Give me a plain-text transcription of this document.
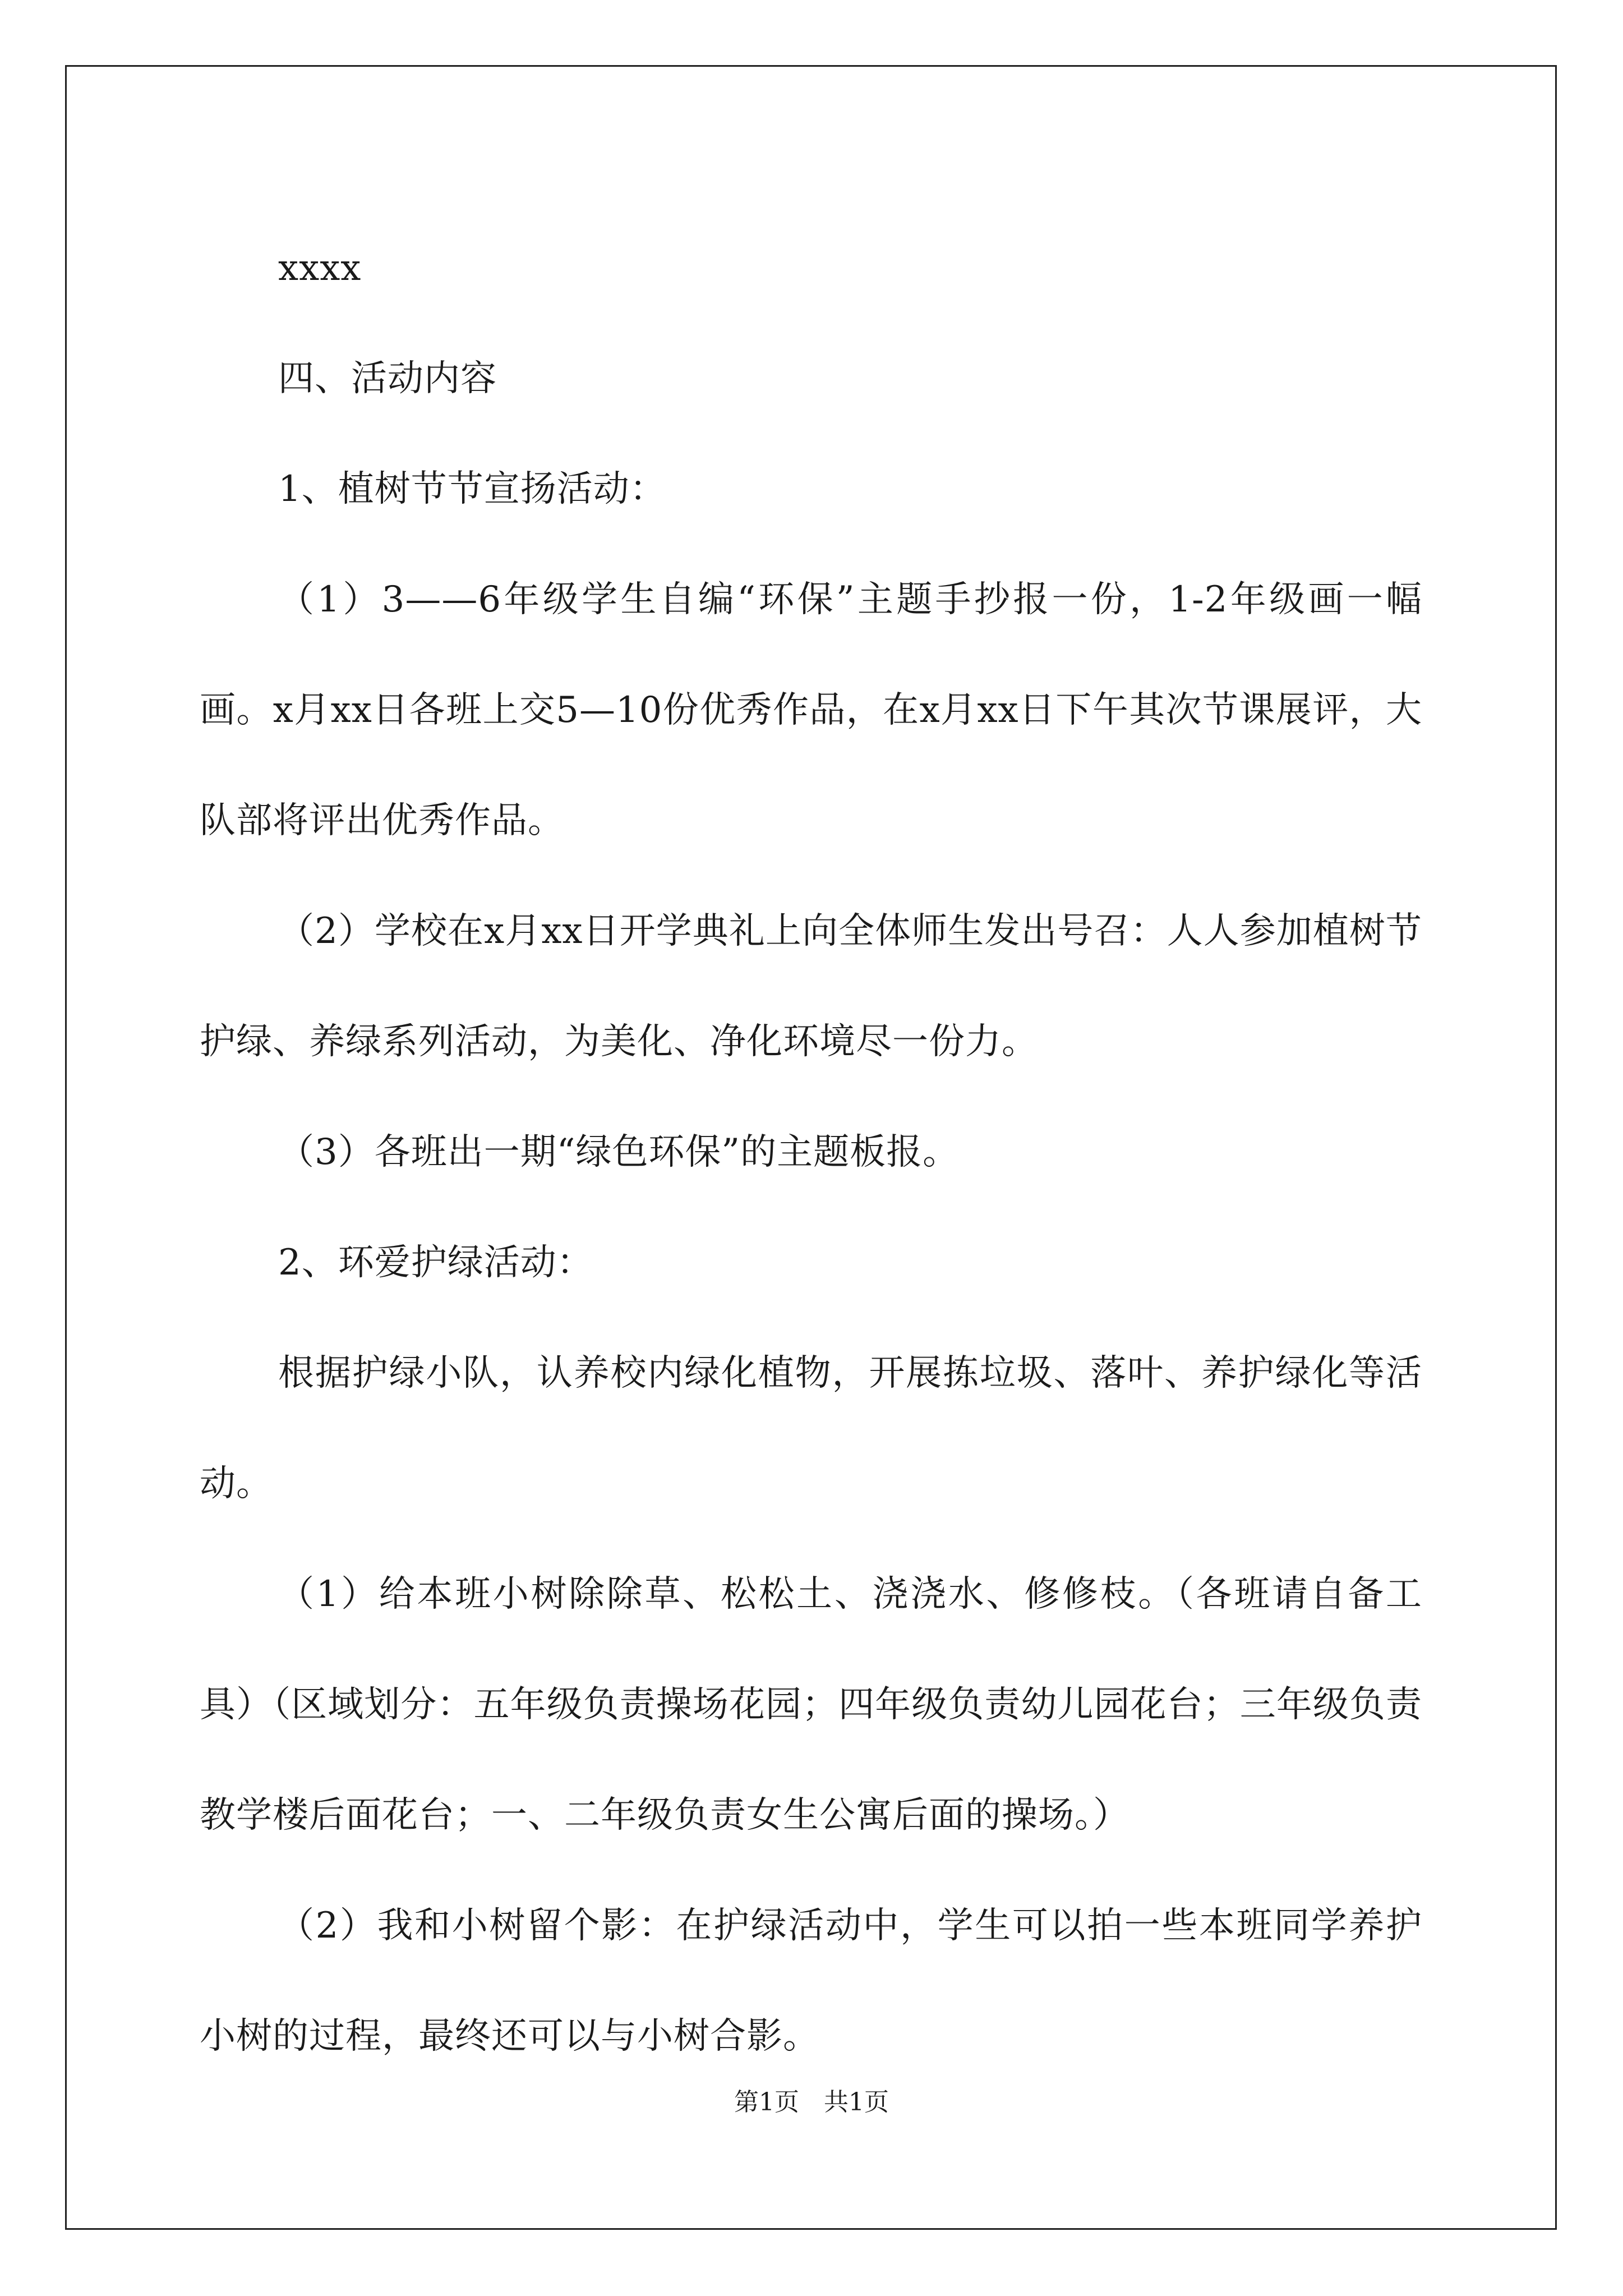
xxxx

四、活动内容

1、植树节节宣扬活动：

（1）3——6年级学生自编“环保”主题手抄报一份，1-2年级画一幅画。x月xx日各班上交5—10份优秀作品，在x月xx日下午其次节课展评，大队部将评出优秀作品。

（2）学校在x月xx日开学典礼上向全体师生发出号召：人人参加植树节护绿、养绿系列活动，为美化、净化环境尽一份力。

（3）各班出一期“绿色环保”的主题板报。

2、环爱护绿活动：

根据护绿小队，认养校内绿化植物，开展拣垃圾、落叶、养护绿化等活动。

（1）给本班小树除除草、松松土、浇浇水、修修枝。（各班请自备工具）（区域划分：五年级负责操场花园；四年级负责幼儿园花台；三年级负责教学楼后面花台；一、二年级负责女生公寓后面的操场。）

（2）我和小树留个影：在护绿活动中，学生可以拍一些本班同学养护小树的过程，最终还可以与小树合影。

第1页　共1页
